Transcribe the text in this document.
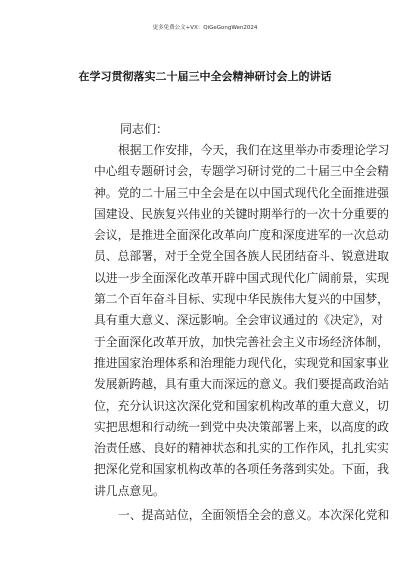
更多免费公文+VX：QiGeGongWen2024
在学习贯彻落实二十届三中全会精神研讨会上的讲话
同志们：
根据工作安排，今天，我们在这里举办市委理论学习
中心组专题研讨会，专题学习研讨党的二十届三中全会精
神。党的二十届三中全会是在以中国式现代化全面推进强
国建设、民族复兴伟业的关键时期举行的一次十分重要的
会议，是推进全面深化改革向广度和深度进军的一次总动
员、总部署，对于全党全国各族人民团结奋斗、锐意进取
以进一步全面深化改革开辟中国式现代化广阔前景，实现
第二个百年奋斗目标、实现中华民族伟大复兴的中国梦，
具有重大意义、深远影响。全会审议通过的《决定》，对
于全面深化改革开放，加快完善社会主义市场经济体制，
推进国家治理体系和治理能力现代化，实现党和国家事业
发展新跨越，具有重大而深远的意义。我们要提高政治站
位，充分认识这次深化党和国家机构改革的重大意义，切
实把思想和行动统一到党中央决策部署上来，以高度的政
治责任感、良好的精神状态和扎实的工作作风，扎扎实实
把深化党和国家机构改革的各项任务落到实处。下面，我
讲几点意见。
一、提高站位，全面领悟全会的意义。本次深化党和
